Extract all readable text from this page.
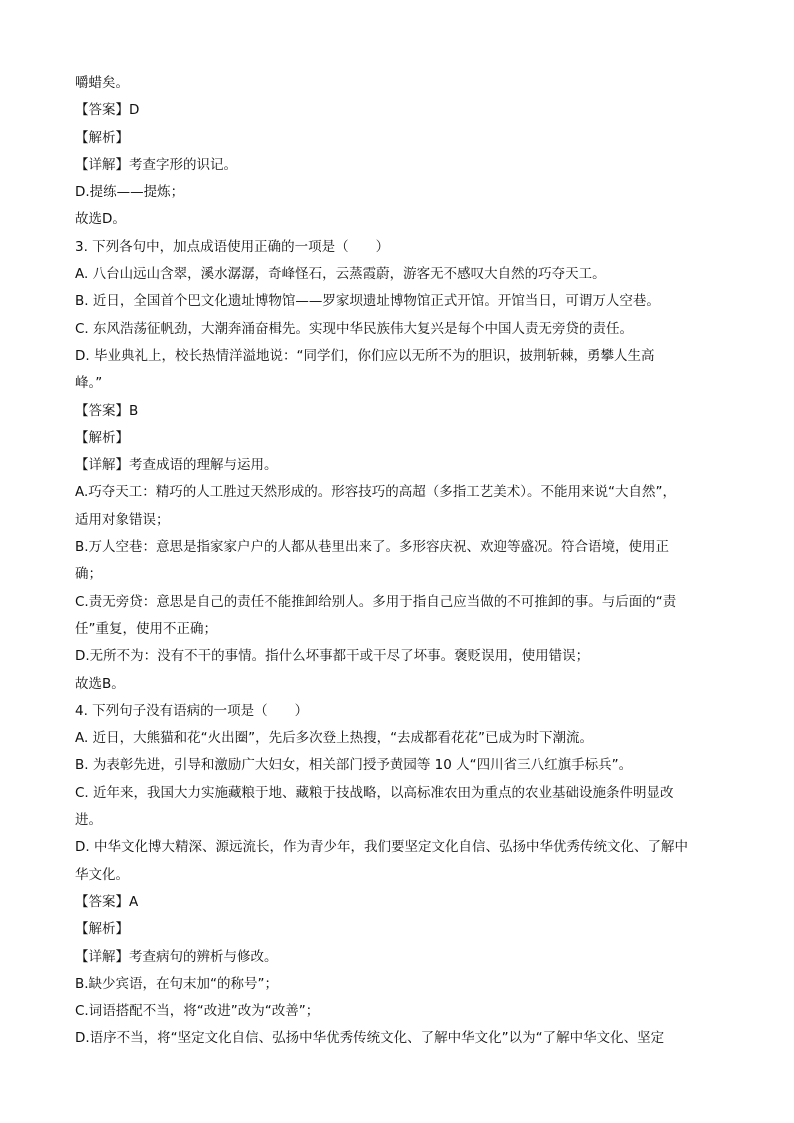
嚼蜡矣。
【答案】D
【解析】
【详解】考查字形的识记。
D.提练——提炼；
故选D。
3. 下列各句中，加点成语使用正确的一项是（　　）
A. 八台山远山含翠，溪水潺潺，奇峰怪石，云蒸霞蔚，游客无不感叹大自然的巧夺天工。
B. 近日，全国首个巴文化遗址博物馆——罗家坝遗址博物馆正式开馆。开馆当日，可谓万人空巷。
C. 东风浩荡征帆劲，大潮奔涌奋楫先。实现中华民族伟大复兴是每个中国人责无旁贷的责任。
D. 毕业典礼上，校长热情洋溢地说：“同学们，你们应以无所不为的胆识，披荆斩棘，勇攀人生高
峰。”
【答案】B
【解析】
【详解】考查成语的理解与运用。
A.巧夺天工：精巧的人工胜过天然形成的。形容技巧的高超（多指工艺美术）。不能用来说“大自然”，
适用对象错误；
B.万人空巷：意思是指家家户户的人都从巷里出来了。多形容庆祝、欢迎等盛况。符合语境，使用正
确；
C.责无旁贷：意思是自己的责任不能推卸给别人。多用于指自己应当做的不可推卸的事。与后面的“责
任”重复，使用不正确；
D.无所不为：没有不干的事情。指什么坏事都干或干尽了坏事。褒贬误用，使用错误；
故选B。
4. 下列句子没有语病的一项是（　　）
A. 近日，大熊猫和花“火出圈”，先后多次登上热搜，“去成都看花花”已成为时下潮流。
B. 为表彰先进，引导和激励广大妇女，相关部门授予黄园等 10 人“四川省三八红旗手标兵”。
C. 近年来，我国大力实施藏粮于地、藏粮于技战略，以高标准农田为重点的农业基础设施条件明显改
进。
D. 中华文化博大精深、源远流长，作为青少年，我们要坚定文化自信、弘扬中华优秀传统文化、了解中
华文化。
【答案】A
【解析】
【详解】考查病句的辨析与修改。
B.缺少宾语，在句末加“的称号”；
C.词语搭配不当，将“改进”改为“改善”；
D.语序不当，将“坚定文化自信、弘扬中华优秀传统文化、了解中华文化”以为“了解中华文化、坚定
